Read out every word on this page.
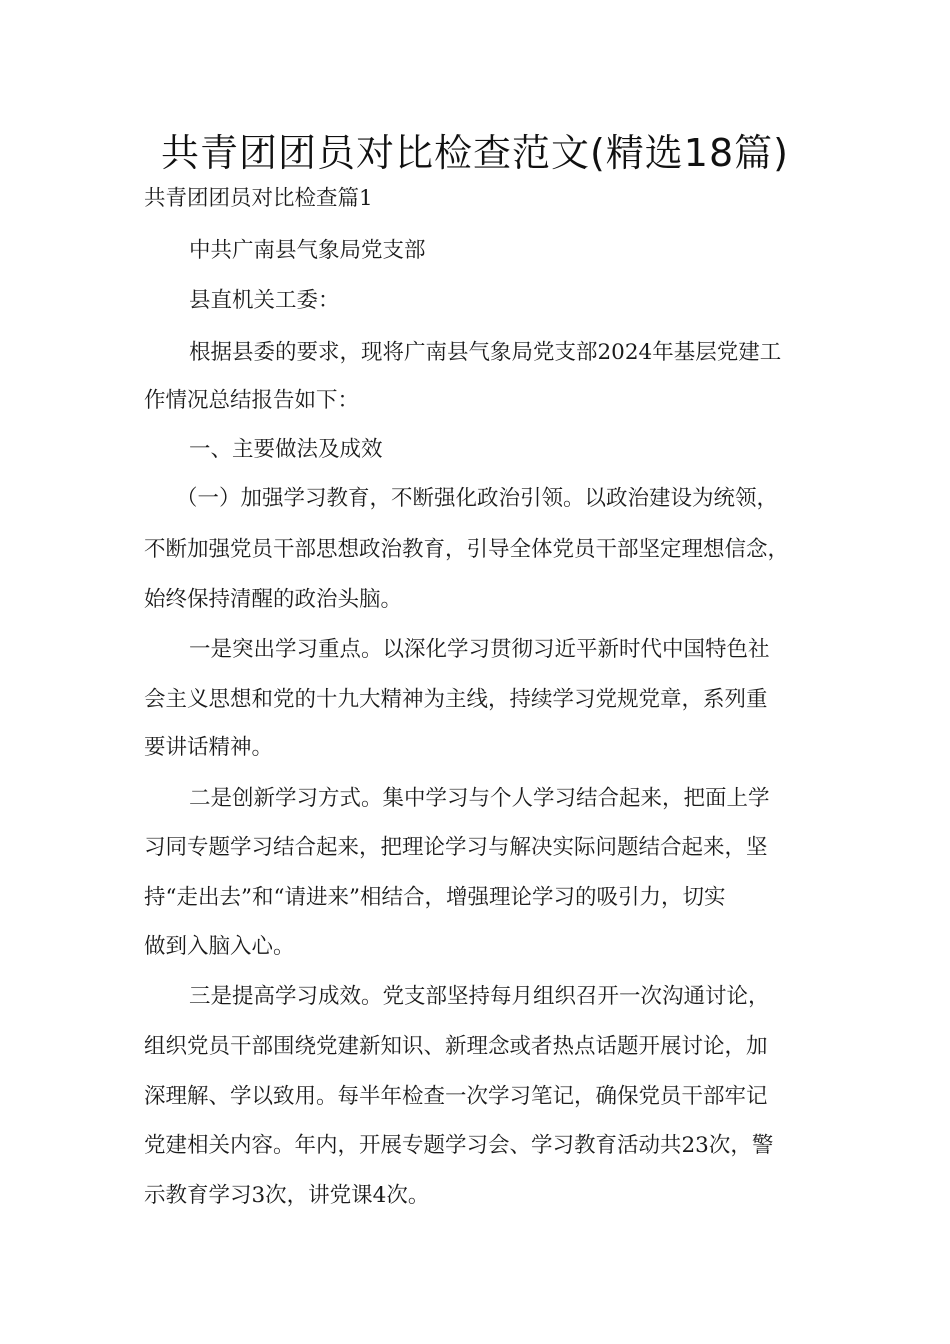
共青团团员对比检查范文(精选18篇)
共青团团员对比检查篇1
中共广南县气象局党支部
县直机关工委：
根据县委的要求，现将广南县气象局党支部2024年基层党建工
作情况总结报告如下：
一、主要做法及成效
（一）加强学习教育，不断强化政治引领。以政治建设为统领，
不断加强党员干部思想政治教育，引导全体党员干部坚定理想信念，
始终保持清醒的政治头脑。
一是突出学习重点。以深化学习贯彻习近平新时代中国特色社
会主义思想和党的十九大精神为主线，持续学习党规党章，系列重
要讲话精神。
二是创新学习方式。集中学习与个人学习结合起来，把面上学
习同专题学习结合起来，把理论学习与解决实际问题结合起来，坚
持“走出去”和“请进来”相结合，增强理论学习的吸引力，切实
做到入脑入心。
三是提高学习成效。党支部坚持每月组织召开一次沟通讨论，
组织党员干部围绕党建新知识、新理念或者热点话题开展讨论，加
深理解、学以致用。每半年检查一次学习笔记，确保党员干部牢记
党建相关内容。年内，开展专题学习会、学习教育活动共23次，警
示教育学习3次，讲党课4次。
